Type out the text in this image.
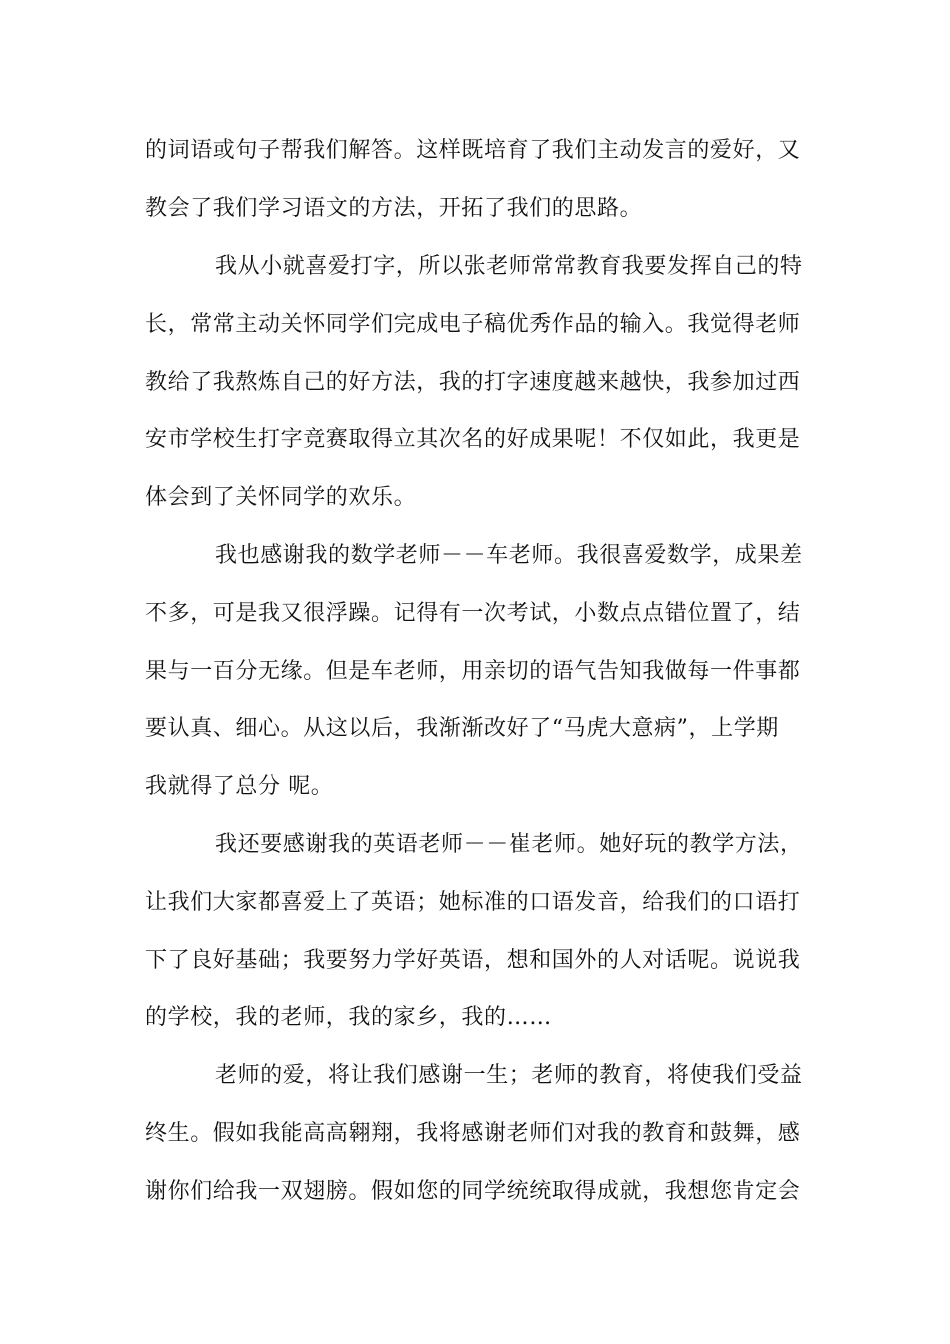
的词语或句子帮我们解答。这样既培育了我们主动发言的爱好，又
教会了我们学习语文的方法，开拓了我们的思路。
我从小就喜爱打字，所以张老师常常教育我要发挥自己的特
长，常常主动关怀同学们完成电子稿优秀作品的输入。我觉得老师
教给了我熬炼自己的好方法，我的打字速度越来越快，我参加过西
安市学校生打字竞赛取得立其次名的好成果呢！不仅如此，我更是
体会到了关怀同学的欢乐。
我也感谢我的数学老师－－车老师。我很喜爱数学，成果差
不多，可是我又很浮躁。记得有一次考试，小数点点错位置了，结
果与一百分无缘。但是车老师，用亲切的语气告知我做每一件事都
要认真、细心。从这以后，我渐渐改好了“马虎大意病”，上学期
我就得了总分 呢。
我还要感谢我的英语老师－－崔老师。她好玩的教学方法，
让我们大家都喜爱上了英语；她标准的口语发音，给我们的口语打
下了良好基础；我要努力学好英语，想和国外的人对话呢。说说我
的学校，我的老师，我的家乡，我的……
老师的爱，将让我们感谢一生；老师的教育，将使我们受益
终生。假如我能高高翱翔，我将感谢老师们对我的教育和鼓舞，感
谢你们给我一双翅膀。假如您的同学统统取得成就，我想您肯定会
